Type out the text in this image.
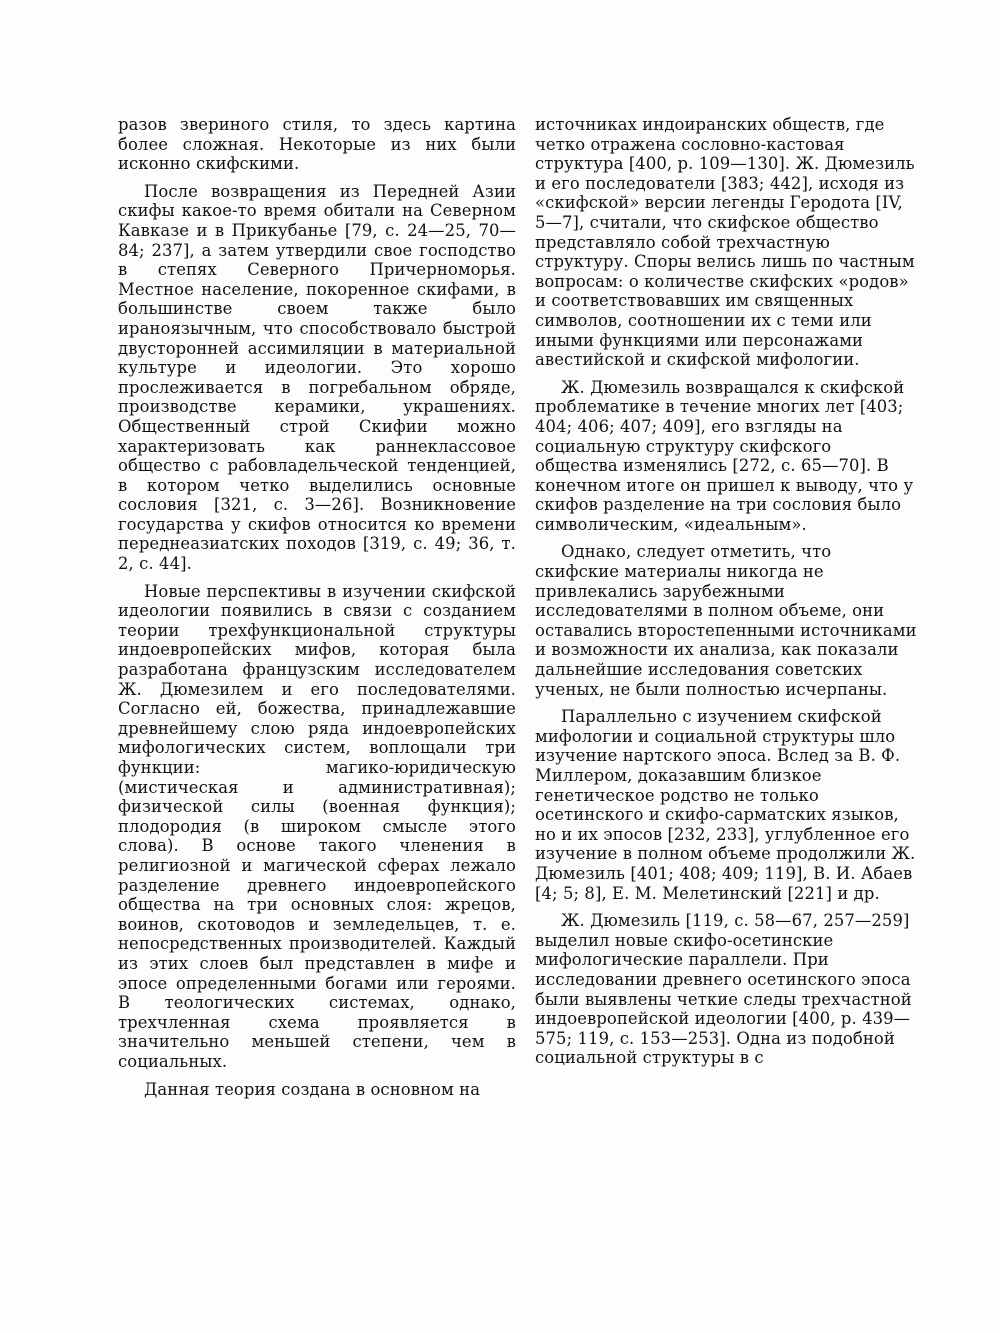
разов звериного стиля, то здесь картина более сложная. Некоторые из них были исконно скифскими.

После возвращения из Передней Азии скифы какое-то время обитали на Северном Кавказе и в Прикубанье [79, с. 24—25, 70—84; 237], а затем утвердили свое господство в степях Северного Причерноморья. Местное население, покоренное скифами, в большинстве своем также было ираноязычным, что способствовало быстрой двусторонней ассимиляции в материальной культуре и идеологии. Это хорошо прослеживается в погребальном обряде, производстве керамики, украшениях. Общественный строй Скифии можно характеризовать как раннеклассовое общество с рабовладельческой тенденцией, в котором четко выделились основные сословия [321, с. 3—26]. Возникновение государства у скифов относится ко времени переднеазиатских походов [319, с. 49; 36, т. 2, с. 44].

Новые перспективы в изучении скифской идеологии появились в связи с созданием теории трехфункциональной структуры индоевропейских мифов, которая была разработана французским исследователем Ж. Дюмезилем и его последователями. Согласно ей, божества, принадлежавшие древнейшему слою ряда индоевропейских мифологических систем, воплощали три функции: магико-юридическую (мистическая и административная); физической силы (военная функция); плодородия (в широком смысле этого слова). В основе такого членения в религиозной и магической сферах лежало разделение древнего индоевропейского общества на три основных слоя: жрецов, воинов, скотоводов и земледельцев, т. е. непосредственных производителей. Каждый из этих слоев был представлен в мифе и эпосе определенными богами или героями. В теологических системах, однако, трехчленная схема проявляется в значительно меньшей степени, чем в социальных.

Данная теория создана в основном на

источниках индоиранских обществ, где четко отражена сословно-кастовая структура [400, р. 109—130]. Ж. Дюмезиль и его последователи [383; 442], исходя из «скифской» версии легенды Геродота [IV, 5—7], считали, что скифское общество представляло собой трехчастную структуру. Споры велись лишь по частным вопросам: о количестве скифских «родов» и соответствовавших им священных символов, соотношении их с теми или иными функциями или персонажами авестийской и скифской мифологии.

Ж. Дюмезиль возвращался к скифской проблематике в течение многих лет [403; 404; 406; 407; 409], его взгляды на социальную структуру скифского общества изменялись [272, с. 65—70]. В конечном итоге он пришел к выводу, что у скифов разделение на три сословия было символическим, «идеальным».

Однако, следует отметить, что скифские материалы никогда не привлекались зарубежными исследователями в полном объеме, они оставались второстепенными источниками и возможности их анализа, как показали дальнейшие исследования советских ученых, не были полностью исчерпаны.

Параллельно с изучением скифской мифологии и социальной структуры шло изучение нартского эпоса. Вслед за В. Ф. Миллером, доказавшим близкое генетическое родство не только осетинского и скифо-сарматских языков, но и их эпосов [232, 233], углубленное его изучение в полном объеме продолжили Ж. Дюмезиль [401; 408; 409; 119], В. И. Абаев [4; 5; 8], Е. М. Мелетинский [221] и др.

Ж. Дюмезиль [119, с. 58—67, 257—259] выделил новые скифо-осетинские мифологические параллели. При исследовании древнего осетинского эпоса были выявлены четкие следы трехчастной индоевропейской идеологии [400, р. 439—575; 119, с. 153—253]. Одна из подобной социальной структуры в с
